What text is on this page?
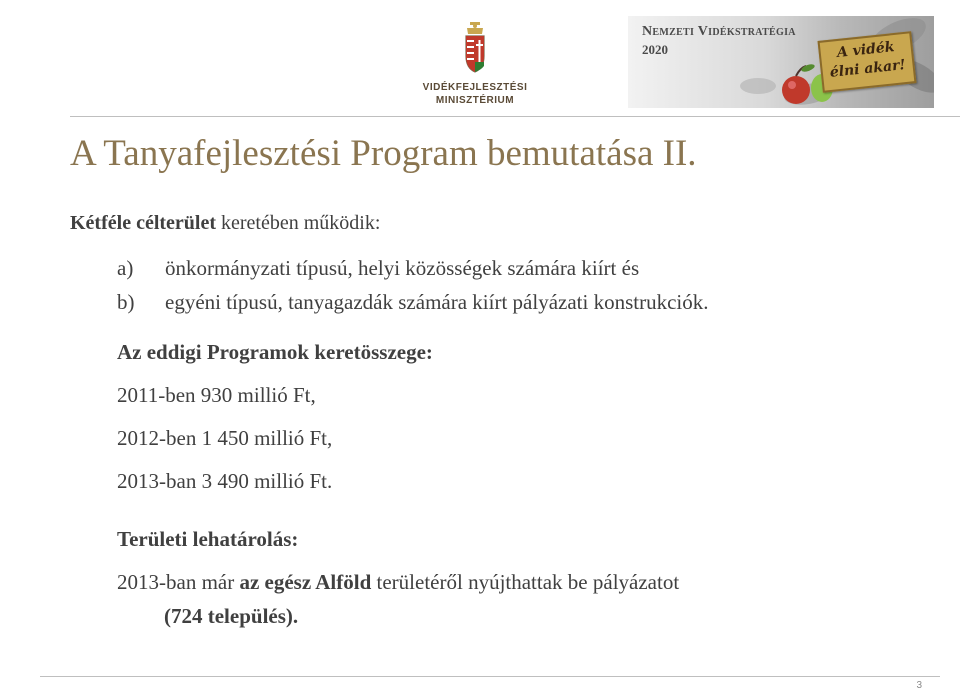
VIDÉKFEJLESZTÉSI
MINISZTÉRIUM
Nemzeti Vidékstratégia
2020	A vidék
élni akar!
A Tanyafejlesztési Program bemutatása II.
Kétféle célterület keretében működik:
a) önkormányzati típusú, helyi közösségek számára kiírt és
b) egyéni típusú, tanyagazdák számára kiírt pályázati konstrukciók.
Az eddigi Programok keretösszege:
2011-ben 930 millió Ft,
2012-ben 1 450 millió Ft,
2013-ban 3 490 millió Ft.
Területi lehatárolás:
2013-ban már az egész Alföld területéről nyújthattak be pályázatot
(724 település).
3
